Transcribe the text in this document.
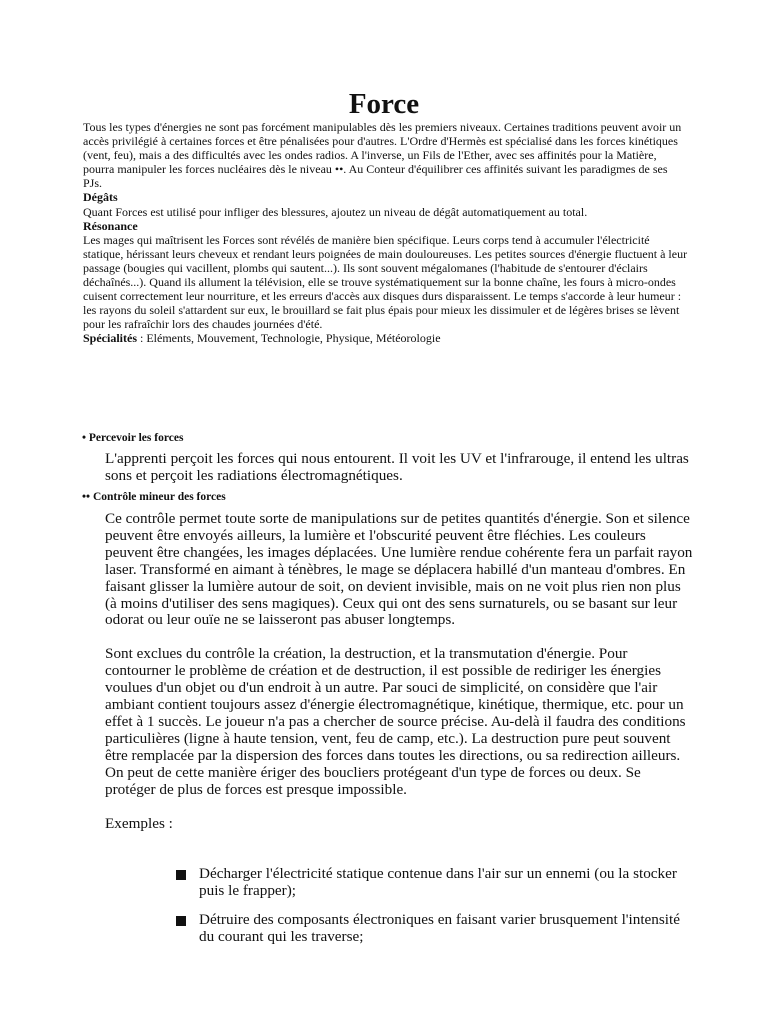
Force

Tous les types d'énergies ne sont pas forcément manipulables dès les premiers niveaux. Certaines traditions peuvent avoir un accès privilégié à certaines forces et être pénalisées pour d'autres. L'Ordre d'Hermès est spécialisé dans les forces kinétiques (vent, feu), mais a des difficultés avec les ondes radios. A l'inverse, un Fils de l'Ether, avec ses affinités pour la Matière, pourra manipuler les forces nucléaires dès le niveau ••. Au Conteur d'équilibrer ces affinités suivant les paradigmes de ses PJs.

Dégâts

Quant Forces est utilisé pour infliger des blessures, ajoutez un niveau de dégât automatiquement au total.

Résonance

Les mages qui maîtrisent les Forces sont révélés de manière bien spécifique. Leurs corps tend à accumuler l'électricité statique, hérissant leurs cheveux et rendant leurs poignées de main douloureuses. Les petites sources d'énergie fluctuent à leur passage (bougies qui vacillent, plombs qui sautent...). Ils sont souvent mégalomanes (l'habitude de s'entourer d'éclairs déchaînés...). Quand ils allument la télévision, elle se trouve systématiquement sur la bonne chaîne, les fours à micro-ondes cuisent correctement leur nourriture, et les erreurs d'accès aux disques durs disparaissent. Le temps s'accorde à leur humeur : les rayons du soleil s'attardent sur eux, le brouillard se fait plus épais pour mieux les dissimuler et de légères brises se lèvent pour les rafraîchir lors des chaudes journées d'été.

Spécialités : Eléments, Mouvement, Technologie, Physique, Météorologie

• Percevoir les forces

L'apprenti perçoit les forces qui nous entourent. Il voit les UV et l'infrarouge, il entend les ultras sons et perçoit les radiations électromagnétiques.

•• Contrôle mineur des forces

Ce contrôle permet toute sorte de manipulations sur de petites quantités d'énergie. Son et silence peuvent être envoyés ailleurs, la lumière et l'obscurité peuvent être fléchies. Les couleurs peuvent être changées, les images déplacées. Une lumière rendue cohérente fera un parfait rayon laser. Transformé en aimant à ténèbres, le mage se déplacera habillé d'un manteau d'ombres. En faisant glisser la lumière autour de soit, on devient invisible, mais on ne voit plus rien non plus (à moins d'utiliser des sens magiques). Ceux qui ont des sens surnaturels, ou se basant sur leur odorat ou leur ouïe ne se laisseront pas abuser longtemps.

Sont exclues du contrôle la création, la destruction, et la transmutation d'énergie. Pour contourner le problème de création et de destruction, il est possible de rediriger les énergies voulues d'un objet ou d'un endroit à un autre. Par souci de simplicité, on considère que l'air ambiant contient toujours assez d'énergie électromagnétique, kinétique, thermique, etc. pour un effet à 1 succès. Le joueur n'a pas a chercher de source précise. Au-delà il faudra des conditions particulières (ligne à haute tension, vent, feu de camp, etc.). La destruction pure peut souvent être remplacée par la dispersion des forces dans toutes les directions, ou sa redirection ailleurs. On peut de cette manière ériger des boucliers protégeant d'un type de forces ou deux. Se protéger de plus de forces est presque impossible.

Exemples :

Décharger l'électricité statique contenue dans l'air sur un ennemi (ou la stocker puis le frapper);
Détruire des composants électroniques en faisant varier brusquement l'intensité du courant qui les traverse;
